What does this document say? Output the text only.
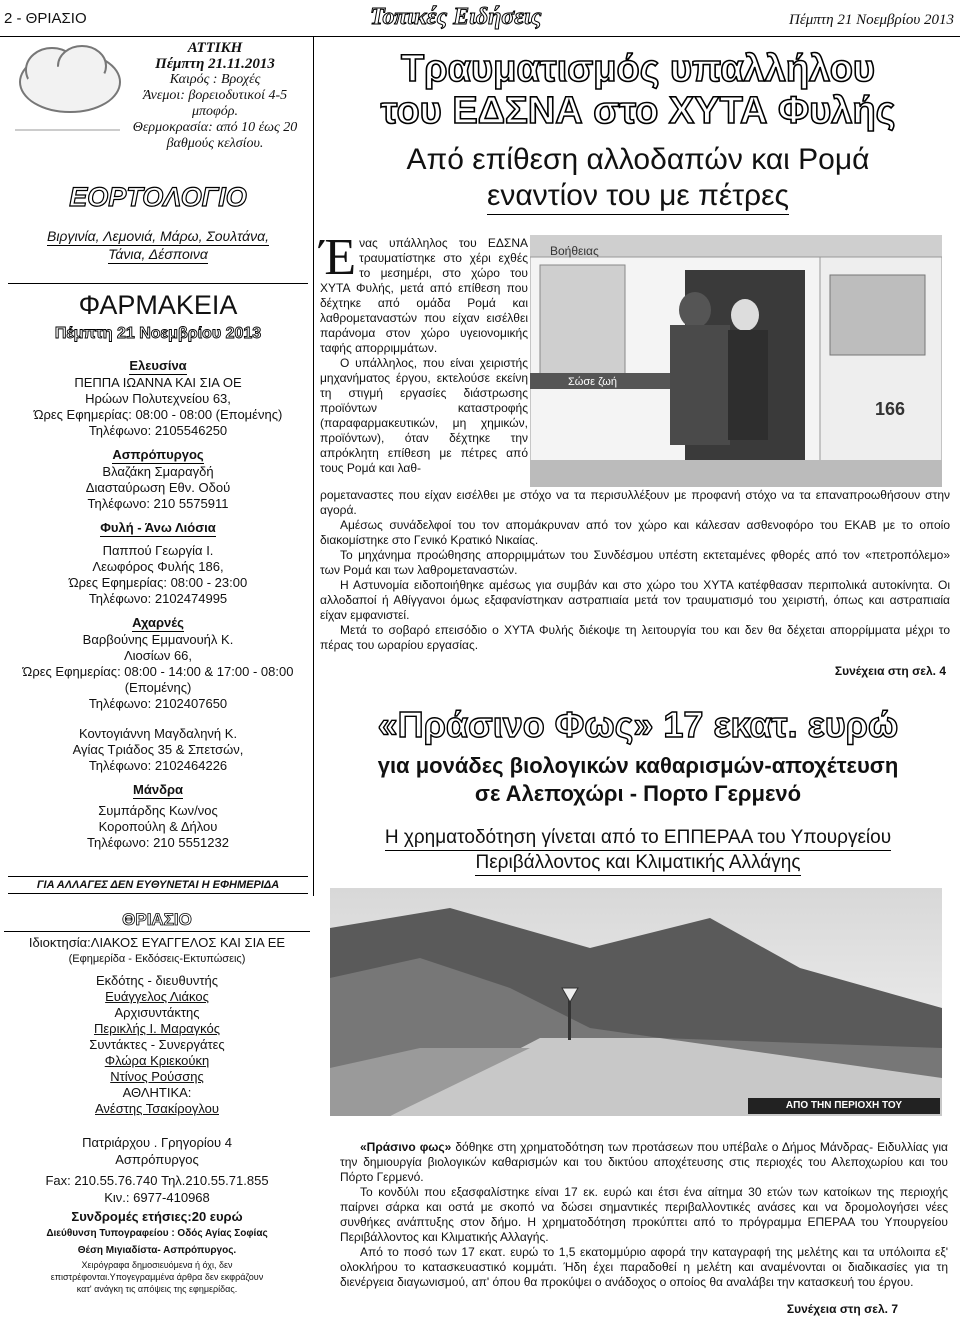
2 - ΘΡΙΑΣΙΟ	Τοπικές Ειδήσεις	Πέμπτη 21 Νοεμβρίου 2013
ΑΤΤΙΚΗ
Πέμπτη 21.11.2013
Καιρός : Βροχές
Άνεμοι: βορειοδυτικοί 4-5 μποφόρ.
Θερμοκρασία: από 10 έως 20
βαθμούς κελσίου.
ΕΟΡΤΟΛΟΓΙΟ
Βιργινία, Λεμονιά, Μάρω, Σουλτάνα,
Τάνια, Δέσποινα
ΦΑΡΜΑΚΕΙΑ
Πέμπτη 21 Νοεμβρίου 2013
Ελευσίνα
ΠΕΠΠΑ ΙΩΑΝΝΑ ΚΑΙ ΣΙΑ ΟΕ
Ηρώων Πολυτεχνείου 63,
Ώρες Εφημερίας: 08:00 - 08:00 (Επομένης)
Τηλέφωνο: 2105546250
Ασπρόπυργος
Βλαζάκη Σμαραγδή
Διασταύρωση Εθν. Οδού
Τηλέφωνο: 210 5575911
Φυλή - Άνω Λιόσια
Παππού Γεωργία Ι.
Λεωφόρος Φυλής 186,
Ώρες Εφημερίας: 08:00 - 23:00
Τηλέφωνο: 2102474995
Αχαρνές
Βαρβούνης Εμμανουήλ Κ.
Λιοσίων 66,
Ώρες Εφημερίας: 08:00 - 14:00 & 17:00 - 08:00
(Επομένης)
Τηλέφωνο: 2102407650
Κοντογιάννη Μαγδαληνή Κ.
Αγίας Τριάδος 35 & Σπετσών,
Τηλέφωνο: 2102464226
Μάνδρα
Συμπάρδης Κων/νος
Κοροπούλη & Δήλου
Τηλέφωνο: 210 5551232
ΓΙΑ ΑΛΛΑΓΕΣ ΔΕΝ ΕΥΘΥΝΕΤΑΙ Η ΕΦΗΜΕΡΙΔΑ
ΘΡΙΑΣΙΟ
Ιδιοκτησία:ΛΙΑΚΟΣ ΕΥΑΓΓΕΛΟΣ ΚΑΙ ΣΙΑ ΕΕ
(Εφημερίδα - Εκδόσεις-Εκτυπώσεις)
Εκδότης - διευθυντής
Ευάγγελος Λιάκος
Αρχισυντάκτης
Περικλής Ι. Μαραγκός
Συντάκτες - Συνεργάτες
Φλώρα Κριεκούκη
Ντίνος Ρούσσης
ΑΘΛΗΤΙΚΑ:
Ανέστης Τσακίρογλου
Πατριάρχου . Γρηγορίου 4
Ασπρόπυργος
Fax: 210.55.76.740 Τηλ.210.55.71.855
Κιν.: 6977-410968
Συνδρομές ετήσιες:20 ευρώ
Διεύθυνση Τυπογραφείου : Οδός Αγίας Σοφίας
Θέση Μιγιαδίστα- Ασπρόπυργος.
Χειρόγραφα δημοσιευόμενα ή όχι, δεν
επιστρέφονται.Υπογεγραμμένα άρθρα δεν εκφράζουν
κατ' ανάγκη τις απόψεις της εφημερίδας.
Τραυματισμός υπαλλήλου
του ΕΔΣΝΑ στο ΧΥΤΑ Φυλής
Από επίθεση αλλοδαπών και Ρομά
εναντίον του με πέτρες
Έ νας υπάλληλος του ΕΔΣΝΑ τραυματίστηκε στο χέρι εχθές το μεσημέρι, στο χώρο του ΧΥΤΑ Φυλής, μετά από επίθεση που δέχτηκε από ομάδα Ρομά και λαθρομεταναστών που είχαν εισέλθει παράνομα στον χώρο υγειονομικής ταφής απορριμμάτων.
Ο υπάλληλος, που είναι χειριστής μηχανήματος έργου, εκτελούσε εκείνη τη στιγμή εργασίες διάστρωσης προϊόντων καταστροφής (παραφαρμακευτικών, μη χημικών, προϊόντων), όταν δέχτηκε την απρόκλητη επίθεση με πέτρες από τους Ρομά και λαθ-
Σώσε ζωή
Βοήθειας
166
ρομεταναστες που είχαν εισέλθει με στόχο να τα περισυλλέξουν με προφανή στόχο να τα επαναπροωθήσουν στην αγορά.

Αμέσως συνάδελφοί του τον απομάκρυναν από τον χώρο και κάλεσαν ασθενοφόρο του ΕΚΑΒ με το οποίο διακομίστηκε στο Γενικό Κρατικό Νικαίας.

Το μηχάνημα προώθησης απορριμμάτων του Συνδέσμου υπέστη εκτεταμένες φθορές από τον «πετροπόλεμο» των Ρομά και των λαθρομεταναστών.

Η Αστυνομία ειδοποιήθηκε αμέσως για συμβάν και στο χώρο του ΧΥΤΑ κατέφθασαν περιπολικά αυτοκίνητα. Οι αλλοδαποί ή Αθίγγανοι όμως εξαφανίστηκαν αστραπιαία μετά τον τραυματισμό του χειριστή, όπως και αστραπιαία είχαν εμφανιστεί.

Μετά το σοβαρό επεισόδιο ο ΧΥΤΑ Φυλής διέκοψε τη λειτουργία του και δεν θα δέχεται απορρίμματα μέχρι το πέρας του ωραρίου εργασίας.

Συνέχεια στη σελ. 4
«Πράσινο Φως» 17 εκατ. ευρώ
για μονάδες βιολογικών καθαρισμών-αποχέτευση
σε Αλεποχώρι - Πορτο Γερμενό
Η χρηματοδότηση γίνεται από το ΕΠΠΕΡΑΑ του Υπουργείου
Περιβάλλοντος και Κλιματικής Αλλάγης
ΑΠΟ ΤΗΝ ΠΕΡΙΟΧΗ ΤΟΥ ΑΛΕΠΟΧΩΡΙΟΥ

«Πράσινο φως» δόθηκε στη χρηματοδότηση των προτάσεων που υπέβαλε ο Δήμος Μάνδρας- Ειδυλλίας για την δημιουργία βιολογικών καθαρισμών και του δικτύου αποχέτευσης στις περιοχές του Αλεποχωρίου και του Πόρτο Γερμενό.

Το κονδύλι που εξασφαλίστηκε είναι 17 εκ. ευρώ και έτσι ένα αίτημα 30 ετών των κατοίκων της περιοχής παίρνει σάρκα και οστά με σκοπό να δώσει σημαντικές περιβαλλοντικές ανάσες και να δρομολογήσει νέες συνθήκες ανάπτυξης στον δήμο. Η χρηματοδότηση προκύπτει από το πρόγραμμα ΕΠΕΡΑΑ του Υπουργείου Περιβάλλοντος και Κλιματικής Αλλαγής.

Από το ποσό των 17 εκατ. ευρώ το 1,5 εκατομμύριο αφορά την καταγραφή της μελέτης και τα υπόλοιπα εξ' ολοκλήρου το κατασκευαστικό κομμάτι. Ήδη έχει παραδοθεί η μελέτη και αναμένονται οι διαδικασίες για τη διενέργεια διαγωνισμού, απ' όπου θα προκύψει ο ανάδοχος ο οποίος θα αναλάβει την κατασκευή του έργου.

Συνέχεια στη σελ. 7
